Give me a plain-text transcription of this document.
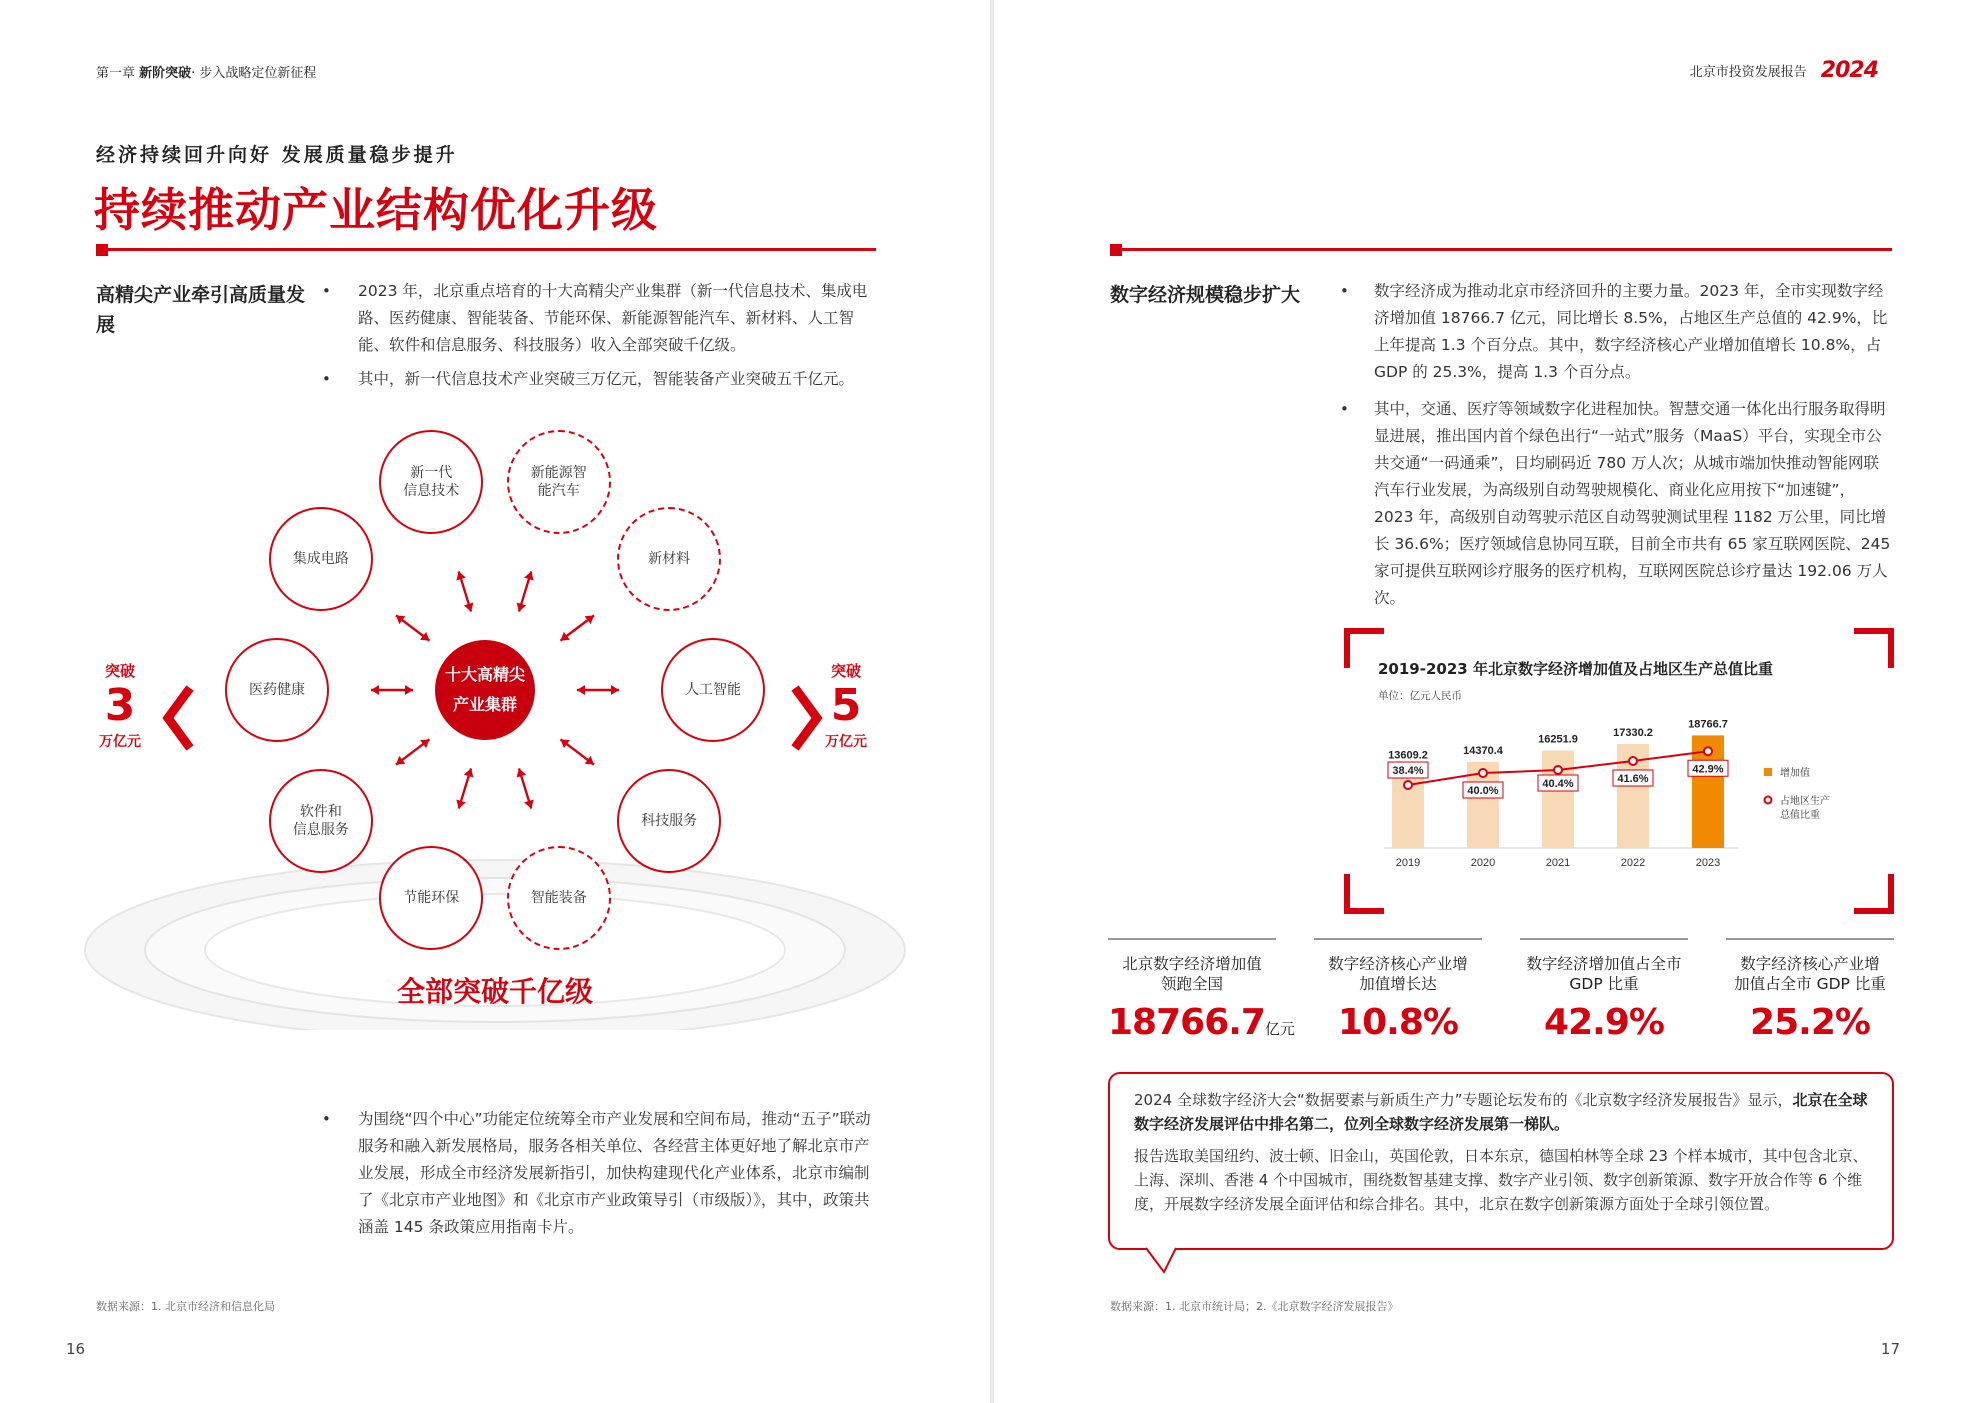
第一章 新阶突破· 步入战略定位新征程
经济持续回升向好 发展质量稳步提升
持续推动产业结构优化升级
高精尖产业牵引高质量发展
• 2023 年，北京重点培育的十大高精尖产业集群（新一代信息技术、集成电路、医药健康、智能装备、节能环保、新能源智能汽车、新材料、人工智能、软件和信息服务、科技服务）收入全部突破千亿级。
• 其中，新一代信息技术产业突破三万亿元，智能装备产业突破五千亿元。
十大高精尖
产业集群
新一代
信息技术
新能源智
能汽车
新材料
人工智能
科技服务
智能装备
节能环保
软件和
信息服务
医药健康
集成电路
突破
3
万亿元
突破
5
万亿元
全部突破千亿级
• 为围绕“四个中心”功能定位统筹全市产业发展和空间布局，推动“五子”联动服务和融入新发展格局，服务各相关单位、各经营主体更好地了解北京市产业发展，形成全市经济发展新指引，加快构建现代化产业体系，北京市编制了《北京市产业地图》和《北京市产业政策导引（市级版）》，其中，政策共涵盖 145 条政策应用指南卡片。
数据来源：1. 北京市经济和信息化局
16
北京市投资发展报告 2024
数字经济规模稳步扩大	• 数字经济成为推动北京市经济回升的主要力量。2023 年，全市实现数字经济增加值 18766.7 亿元，同比增长 8.5%，占地区生产总值的 42.9%，比上年提高 1.3 个百分点。其中，数字经济核心产业增加值增长 10.8%，占 GDP 的 25.3%，提高 1.3 个百分点。
• 其中，交通、医疗等领域数字化进程加快。智慧交通一体化出行服务取得明显进展，推出国内首个绿色出行“一站式”服务（MaaS）平台，实现全市公共交通“一码通乘”，日均刷码近 780 万人次；从城市端加快推动智能网联汽车行业发展，为高级别自动驾驶规模化、商业化应用按下“加速键”，2023 年，高级别自动驾驶示范区自动驾驶测试里程 1182 万公里，同比增长 36.6%；医疗领域信息协同互联，目前全市共有 65 家互联网医院、245 家可提供互联网诊疗服务的医疗机构，互联网医院总诊疗量达 192.06 万人次。
2019-2023 年北京数字经济增加值及占地区生产总值比重
单位：亿元人民币
13609.2
2019
14370.4
2020
16251.9
2021
17330.2
2022
18766.7
2023
38.4%
40.0%
40.4%	41.6%
42.9%	增加值
占地区生产
总值比重
北京数字经济增加值
领跑全国
18766.7亿元
数字经济核心产业增
加值增长达
10.8%
数字经济增加值占全市
GDP 比重
42.9%
数字经济核心产业增
加值占全市 GDP 比重
25.2%
2024 全球数字经济大会“数据要素与新质生产力”专题论坛发布的《北京数字经济发展报告》显示，北京在全球数字经济发展评估中排名第二，位列全球数字经济发展第一梯队。
报告选取美国纽约、波士顿、旧金山，英国伦敦，日本东京，德国柏林等全球 23 个样本城市，其中包含北京、上海、深圳、香港 4 个中国城市，围绕数智基建支撑、数字产业引领、数字创新策源、数字开放合作等 6 个维度，开展数字经济发展全面评估和综合排名。其中，北京在数字创新策源方面处于全球引领位置。
数据来源：1. 北京市统计局；2.《北京数字经济发展报告》
17
